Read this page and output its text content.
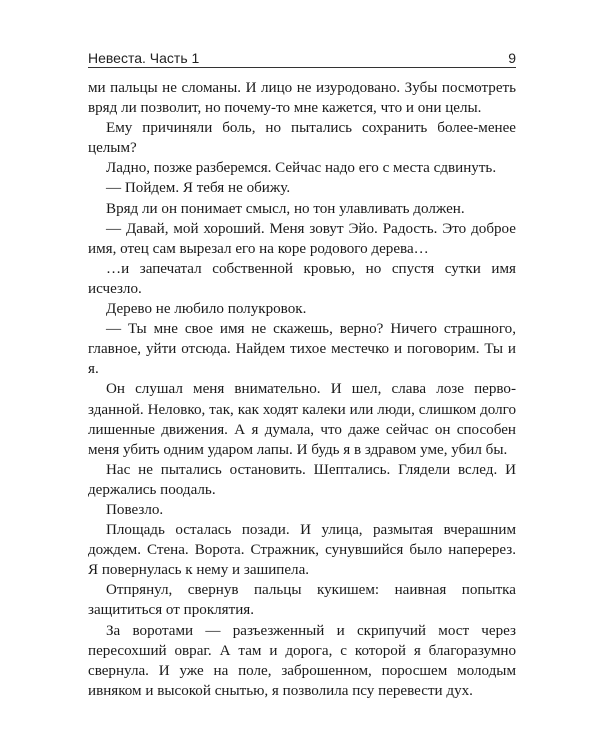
Невеста. Часть 1	9

ми пальцы не сломаны. И лицо не изуродовано. Зубы посмотреть вряд ли позволит, но почему-то мне кажется, что и они целы.

Ему причиняли боль, но пытались сохранить более-менее целым?

Ладно, позже разберемся. Сейчас надо его с места сдвинуть.

— Пойдем. Я тебя не обижу.

Вряд ли он понимает смысл, но тон улавливать должен.

— Давай, мой хороший. Меня зовут Эйо. Радость. Это доброе имя, отец сам вырезал его на коре родового дерева…

…и запечатал собственной кровью, но спустя сутки имя исчезло.

Дерево не любило полукровок.

— Ты мне свое имя не скажешь, верно? Ничего страшного, главное, уйти отсюда. Найдем тихое местечко и поговорим. Ты и я.

Он слушал меня внимательно. И шел, слава лозе перво-зданной. Неловко, так, как ходят калеки или люди, слишком долго лишенные движения. А я думала, что даже сейчас он способен меня убить одним ударом лапы. И будь я в здравом уме, убил бы.

Нас не пытались остановить. Шептались. Глядели вслед. И держались поодаль.

Повезло.

Площадь осталась позади. И улица, размытая вчерашним дождем. Стена. Ворота. Стражник, сунувшийся было наперерез. Я повернулась к нему и зашипела.

Отпрянул, свернув пальцы кукишем: наивная попытка защититься от проклятия.

За воротами — разъезженный и скрипучий мост через пересохший овраг. А там и дорога, с которой я благоразумно свернула. И уже на поле, заброшенном, поросшем молодым ивняком и высокой снытью, я позволила псу перевести дух.
